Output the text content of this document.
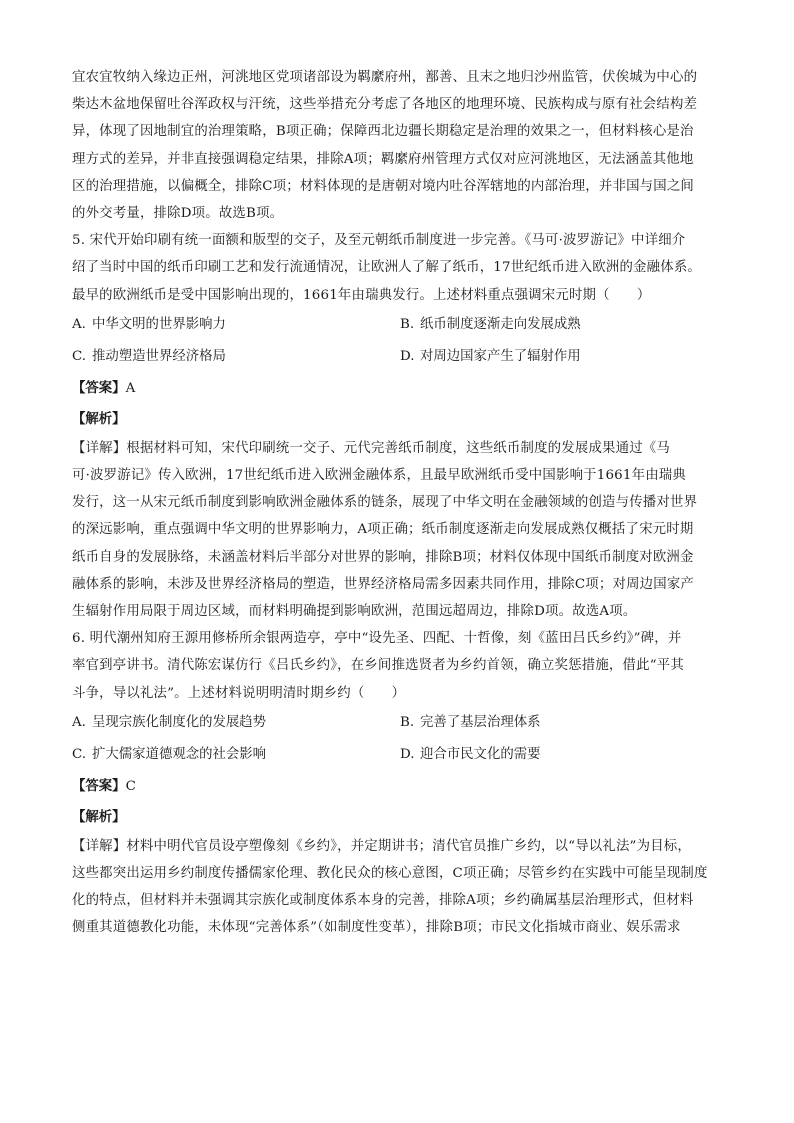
宜农宜牧纳入缘边正州，河洮地区党项诸部设为羁縻府州，鄯善、且末之地归沙州监管，伏俟城为中心的
柴达木盆地保留吐谷浑政权与汗统，这些举措充分考虑了各地区的地理环境、民族构成与原有社会结构差
异，体现了因地制宜的治理策略，B项正确；保障西北边疆长期稳定是治理的效果之一，但材料核心是治
理方式的差异，并非直接强调稳定结果，排除A项；羁縻府州管理方式仅对应河洮地区，无法涵盖其他地
区的治理措施，以偏概全，排除C项；材料体现的是唐朝对境内吐谷浑辖地的内部治理，并非国与国之间
的外交考量，排除D项。故选B项。

5. 宋代开始印刷有统一面额和版型的交子，及至元朝纸币制度进一步完善。《马可·波罗游记》中详细介
绍了当时中国的纸币印刷工艺和发行流通情况，让欧洲人了解了纸币，17世纪纸币进入欧洲的金融体系。
最早的欧洲纸币是受中国影响出现的，1661年由瑞典发行。上述材料重点强调宋元时期（　　）

A. 中华文明的世界影响力	B. 纸币制度逐渐走向发展成熟
C. 推动塑造世界经济格局	D. 对周边国家产生了辐射作用
【答案】A
【解析】

【详解】根据材料可知，宋代印刷统一交子、元代完善纸币制度，这些纸币制度的发展成果通过《马
可·波罗游记》传入欧洲，17世纪纸币进入欧洲金融体系，且最早欧洲纸币受中国影响于1661年由瑞典
发行，这一从宋元纸币制度到影响欧洲金融体系的链条，展现了中华文明在金融领域的创造与传播对世界
的深远影响，重点强调中华文明的世界影响力，A项正确；纸币制度逐渐走向发展成熟仅概括了宋元时期
纸币自身的发展脉络，未涵盖材料后半部分对世界的影响，排除B项；材料仅体现中国纸币制度对欧洲金
融体系的影响，未涉及世界经济格局的塑造，世界经济格局需多因素共同作用，排除C项；对周边国家产
生辐射作用局限于周边区域，而材料明确提到影响欧洲，范围远超周边，排除D项。故选A项。

6. 明代潮州知府王源用修桥所余银两造亭，亭中“设先圣、四配、十哲像，刻《蓝田吕氏乡约》”碑，并
率官到亭讲书。清代陈宏谋仿行《吕氏乡约》，在乡间推选贤者为乡约首领，确立奖惩措施，借此“平其
斗争，导以礼法”。上述材料说明明清时期乡约（　　）

A. 呈现宗族化制度化的发展趋势	B. 完善了基层治理体系
C. 扩大儒家道德观念的社会影响	D. 迎合市民文化的需要
【答案】C
【解析】

【详解】材料中明代官员设亭塑像刻《乡约》，并定期讲书；清代官员推广乡约，以“导以礼法”为目标，
这些都突出运用乡约制度传播儒家伦理、教化民众的核心意图，C项正确；尽管乡约在实践中可能呈现制度
化的特点，但材料并未强调其宗族化或制度体系本身的完善，排除A项；乡约确属基层治理形式，但材料
侧重其道德教化功能，未体现“完善体系”（如制度性变革），排除B项；市民文化指城市商业、娱乐需求
